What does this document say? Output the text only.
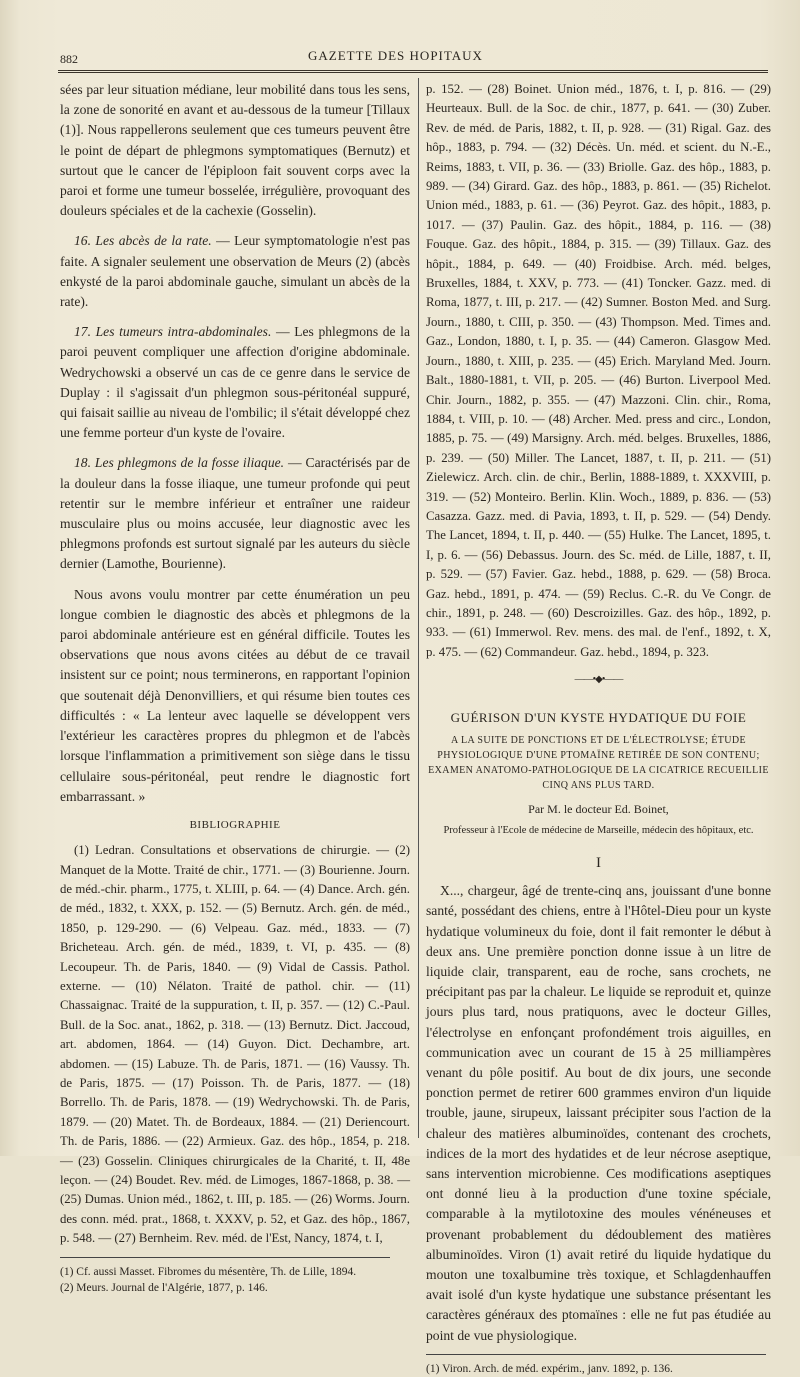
882	GAZETTE DES HOPITAUX

sées par leur situation médiane, leur mobilité dans tous les sens, la zone de sonorité en avant et au-dessous de la tumeur [Tillaux (1)]. Nous rappellerons seulement que ces tumeurs peuvent être le point de départ de phlegmons symptomatiques (Bernutz) et surtout que le cancer de l'épiploon fait souvent corps avec la paroi et forme une tumeur bosselée, irrégulière, provoquant des douleurs spéciales et de la cachexie (Gosselin).

16. Les abcès de la rate. — Leur symptomatologie n'est pas faite. A signaler seulement une observation de Meurs (2) (abcès enkysté de la paroi abdominale gauche, simulant un abcès de la rate).

17. Les tumeurs intra-abdominales. — Les phlegmons de la paroi peuvent compliquer une affection d'origine abdominale. Wedrychowski a observé un cas de ce genre dans le service de Duplay : il s'agissait d'un phlegmon sous-péritonéal suppuré, qui faisait saillie au niveau de l'ombilic; il s'était développé chez une femme porteur d'un kyste de l'ovaire.

18. Les phlegmons de la fosse iliaque. — Caractérisés par de la douleur dans la fosse iliaque, une tumeur profonde qui peut retentir sur le membre inférieur et entraîner une raideur musculaire plus ou moins accusée, leur diagnostic avec les phlegmons profonds est surtout signalé par les auteurs du siècle dernier (Lamothe, Bourienne).

Nous avons voulu montrer par cette énumération un peu longue combien le diagnostic des abcès et phlegmons de la paroi abdominale antérieure est en général difficile. Toutes les observations que nous avons citées au début de ce travail insistent sur ce point; nous terminerons, en rapportant l'opinion que soutenait déjà Denonvilliers, et qui résume bien toutes ces difficultés : « La lenteur avec laquelle se développent vers l'extérieur les caractères propres du phlegmon et de l'abcès lorsque l'inflammation a primitivement son siège dans le tissu cellulaire sous-péritonéal, peut rendre le diagnostic fort embarrassant. »

BIBLIOGRAPHIE

(1) Ledran. Consultations et observations de chirurgie. — (2) Manquet de la Motte. Traité de chir., 1771. — (3) Bourienne. Journ. de méd.-chir. pharm., 1775, t. XLIII, p. 64. — (4) Dance. Arch. gén. de méd., 1832, t. XXX, p. 152. — (5) Bernutz. Arch. gén. de méd., 1850, p. 129-290. — (6) Velpeau. Gaz. méd., 1833. — (7) Bricheteau. Arch. gén. de méd., 1839, t. VI, p. 435. — (8) Lecoupeur. Th. de Paris, 1840. — (9) Vidal de Cassis. Pathol. externe. — (10) Nélaton. Traité de pathol. chir. — (11) Chassaignac. Traité de la suppuration, t. II, p. 357. — (12) C.-Paul. Bull. de la Soc. anat., 1862, p. 318. — (13) Bernutz. Dict. Jaccoud, art. abdomen, 1864. — (14) Guyon. Dict. Dechambre, art. abdomen. — (15) Labuze. Th. de Paris, 1871. — (16) Vaussy. Th. de Paris, 1875. — (17) Poisson. Th. de Paris, 1877. — (18) Borrello. Th. de Paris, 1878. — (19) Wedrychowski. Th. de Paris, 1879. — (20) Matet. Th. de Bordeaux, 1884. — (21) Deriencourt. Th. de Paris, 1886. — (22) Armieux. Gaz. des hôp., 1854, p. 218. — (23) Gosselin. Cliniques chirurgicales de la Charité, t. II, 48e leçon. — (24) Boudet. Rev. méd. de Limoges, 1867-1868, p. 38. — (25) Dumas. Union méd., 1862, t. III, p. 185. — (26) Worms. Journ. des conn. méd. prat., 1868, t. XXXV, p. 52, et Gaz. des hôp., 1867, p. 548. — (27) Bernheim. Rev. méd. de l'Est, Nancy, 1874, t. I,

(1) Cf. aussi Masset. Fibromes du mésentère, Th. de Lille, 1894.

(2) Meurs. Journal de l'Algérie, 1877, p. 146.

p. 152. — (28) Boinet. Union méd., 1876, t. I, p. 816. — (29) Heurteaux. Bull. de la Soc. de chir., 1877, p. 641. — (30) Zuber. Rev. de méd. de Paris, 1882, t. II, p. 928. — (31) Rigal. Gaz. des hôp., 1883, p. 794. — (32) Décès. Un. méd. et scient. du N.-E., Reims, 1883, t. VII, p. 36. — (33) Briolle. Gaz. des hôp., 1883, p. 989. — (34) Girard. Gaz. des hôp., 1883, p. 861. — (35) Richelot. Union méd., 1883, p. 61. — (36) Peyrot. Gaz. des hôpit., 1883, p. 1017. — (37) Paulin. Gaz. des hôpit., 1884, p. 116. — (38) Fouque. Gaz. des hôpit., 1884, p. 315. — (39) Tillaux. Gaz. des hôpit., 1884, p. 649. — (40) Froidbise. Arch. méd. belges, Bruxelles, 1884, t. XXV, p. 773. — (41) Toncker. Gazz. med. di Roma, 1877, t. III, p. 217. — (42) Sumner. Boston Med. and Surg. Journ., 1880, t. CIII, p. 350. — (43) Thompson. Med. Times and. Gaz., London, 1880, t. I, p. 35. — (44) Cameron. Glasgow Med. Journ., 1880, t. XIII, p. 235. — (45) Erich. Maryland Med. Journ. Balt., 1880-1881, t. VII, p. 205. — (46) Burton. Liverpool Med. Chir. Journ., 1882, p. 355. — (47) Mazzoni. Clin. chir., Roma, 1884, t. VIII, p. 10. — (48) Archer. Med. press and circ., London, 1885, p. 75. — (49) Marsigny. Arch. méd. belges. Bruxelles, 1886, p. 239. — (50) Miller. The Lancet, 1887, t. II, p. 211. — (51) Zielewicz. Arch. clin. de chir., Berlin, 1888-1889, t. XXXVIII, p. 319. — (52) Monteiro. Berlin. Klin. Woch., 1889, p. 836. — (53) Casazza. Gazz. med. di Pavia, 1893, t. II, p. 529. — (54) Dendy. The Lancet, 1894, t. II, p. 440. — (55) Hulke. The Lancet, 1895, t. I, p. 6. — (56) Debassus. Journ. des Sc. méd. de Lille, 1887, t. II, p. 529. — (57) Favier. Gaz. hebd., 1888, p. 629. — (58) Broca. Gaz. hebd., 1891, p. 474. — (59) Reclus. C.-R. du Ve Congr. de chir., 1891, p. 248. — (60) Descroizilles. Gaz. des hôp., 1892, p. 933. — (61) Immerwol. Rev. mens. des mal. de l'enf., 1892, t. X, p. 475. — (62) Commandeur. Gaz. hebd., 1894, p. 323.

——•◆•——
GUÉRISON D'UN KYSTE HYDATIQUE DU FOIE
A LA SUITE DE PONCTIONS ET DE L'ÉLECTROLYSE; ÉTUDE PHYSIOLOGIQUE D'UNE PTOMAÏNE RETIRÉE DE SON CONTENU; EXAMEN ANATOMO-PATHOLOGIQUE DE LA CICATRICE RECUEILLIE CINQ ANS PLUS TARD.
Par M. le docteur Ed. Boinet,
Professeur à l'Ecole de médecine de Marseille, médecin des hôpitaux, etc.
I

X..., chargeur, âgé de trente-cinq ans, jouissant d'une bonne santé, possédant des chiens, entre à l'Hôtel-Dieu pour un kyste hydatique volumineux du foie, dont il fait remonter le début à deux ans. Une première ponction donne issue à un litre de liquide clair, transparent, eau de roche, sans crochets, ne précipitant pas par la chaleur. Le liquide se reproduit et, quinze jours plus tard, nous pratiquons, avec le docteur Gilles, l'électrolyse en enfonçant profondément trois aiguilles, en communication avec un courant de 15 à 25 milliampères venant du pôle positif. Au bout de dix jours, une seconde ponction permet de retirer 600 grammes environ d'un liquide trouble, jaune, sirupeux, laissant précipiter sous l'action de la chaleur des matières albuminoïdes, contenant des crochets, indices de la mort des hydatides et de leur nécrose aseptique, sans intervention microbienne. Ces modifications aseptiques ont donné lieu à la production d'une toxine spéciale, comparable à la mytilotoxine des moules vénéneuses et provenant probablement du dédoublement des matières albuminoïdes. Viron (1) avait retiré du liquide hydatique du mouton une toxalbumine très toxique, et Schlagdenhauffen avait isolé d'un kyste hydatique une substance présentant les caractères généraux des ptomaïnes : elle ne fut pas étudiée au point de vue physiologique.

(1) Viron. Arch. de méd. expérim., janv. 1892, p. 136.
